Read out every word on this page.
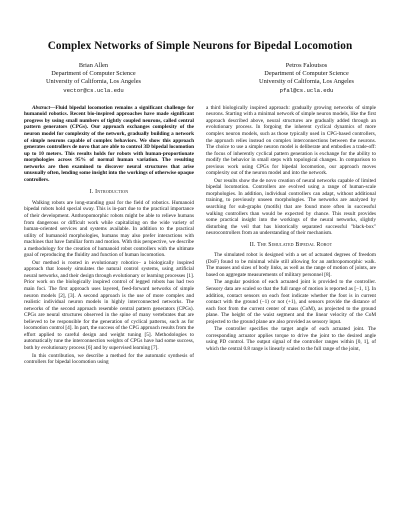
Complex Networks of Simple Neurons for Bipedal Locomotion
Brian Allen
Department of Computer Science
University of California, Los Angeles
vector@cs.ucla.edu
Petros Faloutsos
Department of Computer Science
University of California, Los Angeles
pfal@cs.ucla.edu
Abstract—Fluid bipedal locomotion remains a significant challenge for humanoid robotics. Recent bio-inspired approaches have made significant progress by using small numbers of tightly coupled neurons, called central pattern generators (CPGs). Our approach exchanges complexity of the neuron model for complexity of the network, gradually building a network of simple neurons capable of complex behaviors. We show this approach generates controllers de novo that are able to control 3D bipedal locomotion up to 10 meters. This results holds for robots with human-proportionate morphologies across 95% of normal human variation. The resulting networks are then examined to discover neural structures that arise unusually often, lending some insight into the workings of otherwise opaque controllers.
I. Introduction

Walking robots are long-standing goal for the field of robotics. Humanoid bipedal robots hold special sway. This is in-part due to the practical importance of their development. Anthropomorphic robots might be able to relieve humans from dangerous or difficult work while capitalizing on the wide variety of human-oriented services and systems available. In addition to the practical utility of humanoid morphologies, humans may also prefer interactions with machines that have familiar form and motion. With this perspective, we describe a methodology for the creation of humanoid robot controllers with the ultimate goal of reproducing the fluidity and function of human locomotion.

Our method is rooted in evolutionary robotics– a biologically inspired approach that loosely simulates the natural control systems, using artificial neural networks, and their design through evolutionary or learning processes [1]. Prior work on the biologically inspired control of legged robots has had two main foci. The first approach uses layered, feed-forward networks of simple neuron models [2], [3]. A second approach is the use of more complex and realistic individual neuron models in highly interconnected networks. The networks of the second approach resemble central pattern generators (CPGs). CPGs are neural structures observed in the spine of many vertebrates that are believed to be responsible for the generation of cyclical patterns, such as for locomotion control [4]. In part, the success of the CPG approach results from the effort applied to careful design and weight tuning [5]. Methodologies to automatically tune the interconnection weights of CPGs have had some success, both by evolutionary process [6] and by supervised learning [7].

In this contribution, we describe a method for the automatic synthesis of controllers for bipedal locomotion using

a third biologically inspired approach: gradually growing networks of simple neurons. Starting with a minimal network of simple neuron models, like the first approach described above, neural structures are gradually added through an evolutionary process. In forgoing the inherent cyclical dynamics of more complex neuron models, such as those typically used in CPG-based controllers, the approach relies instead on complex interconnections between the neurons. The choice to use a simple neuron model is deliberate and embodies a trade-off: the focus of inherently cyclical pattern generation is exchange for the ability to modify the behavior in small steps with topological changes. In comparison to previous work using CPGs for bipedal locomotion, our approach moves complexity out of the neuron model and into the network.

Our results show the de novo creation of neural networks capable of limited bipedal locomotion. Controllers are evolved using a range of human-scale morphologies. In addition, individual controllers can adapt, without additional training, to previously unseen morphologies. The networks are analyzed by searching for sub-graphs (motifs) that are found more often in successful walking controllers than would be expected by chance. This result provides some practical insight into the workings of the neural networks, slightly disturbing the veil that has historically separated successful "black-box" neurocontrollers from an understanding of their mechanism.

II. The Simulated Bipedal Robot

The simulated robot is designed with a set of actuated degrees of freedom (DoF) found to be minimal while still allowing for an anthropomorphic walk. The masses and sizes of body links, as well as the range of motion of joints, are based on aggregate measurements of military personnel [8].

The angular position of each actuated joint is provided to the controller. Sensory data are scaled so that the full range of motion is reported as [−1, 1]. In addition, contact sensors on each foot indicate whether the foot is in current contact with the ground (−1) or not (+1), and sensors provide the distance of each foot from the current center of mass (CoM), as projected to the ground plane. The height of the waist segment and the linear velocity of the CoM projected to the ground plane are also provided as sensory input.

The controller specifies the target angle of each actuated joint. The corresponding actuator applies torque to drive the joint to the desired angle using PD control. The output signal of the controller ranges within [0, 1], of which the central 0.8 range is linearly scaled to the full range of the joint,
